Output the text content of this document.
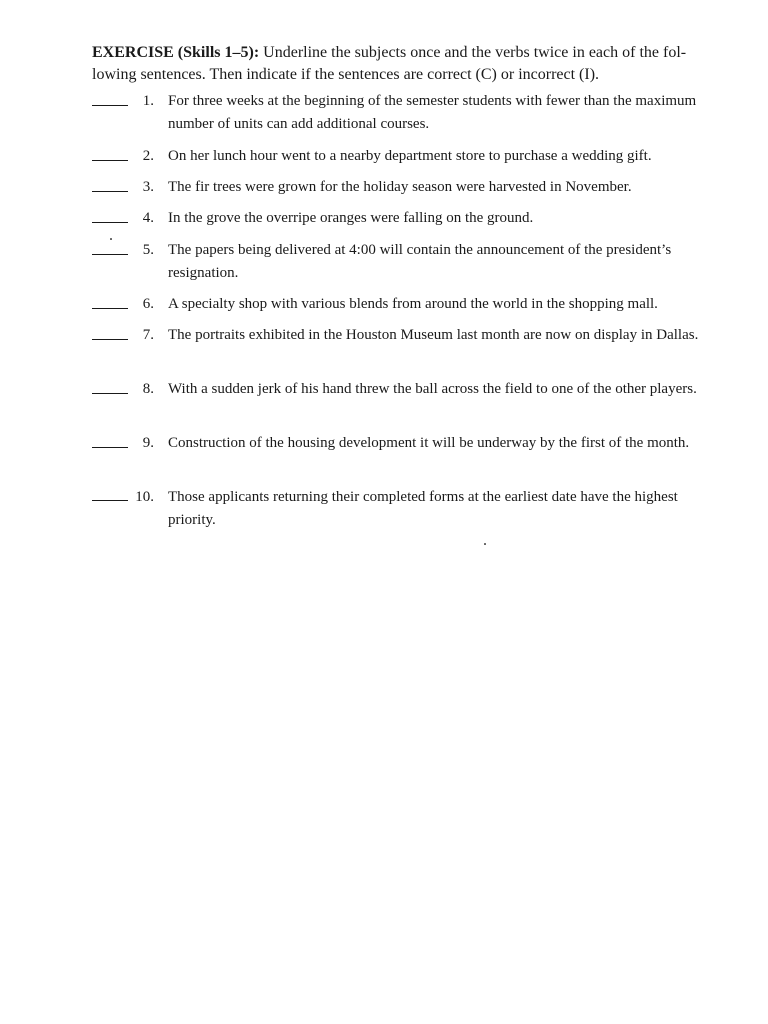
EXERCISE (Skills 1–5): Underline the subjects once and the verbs twice in each of the fol-
lowing sentences. Then indicate if the sentences are correct (C) or incorrect (I).
1. For three weeks at the beginning of the semester students with fewer than the maximum number of units can add additional courses.
2. On her lunch hour went to a nearby department store to purchase a wedding gift.
3. The fir trees were grown for the holiday season were harvested in November.
4. In the grove the overripe oranges were falling on the ground.
5. The papers being delivered at 4:00 will contain the announcement of the president’s resignation.
6. A specialty shop with various blends from around the world in the shopping mall.
7. The portraits exhibited in the Houston Museum last month are now on display in Dallas.
8. With a sudden jerk of his hand threw the ball across the field to one of the other players.
9. Construction of the housing development it will be underway by the first of the month.
10. Those applicants returning their completed forms at the earliest date have the highest priority.
